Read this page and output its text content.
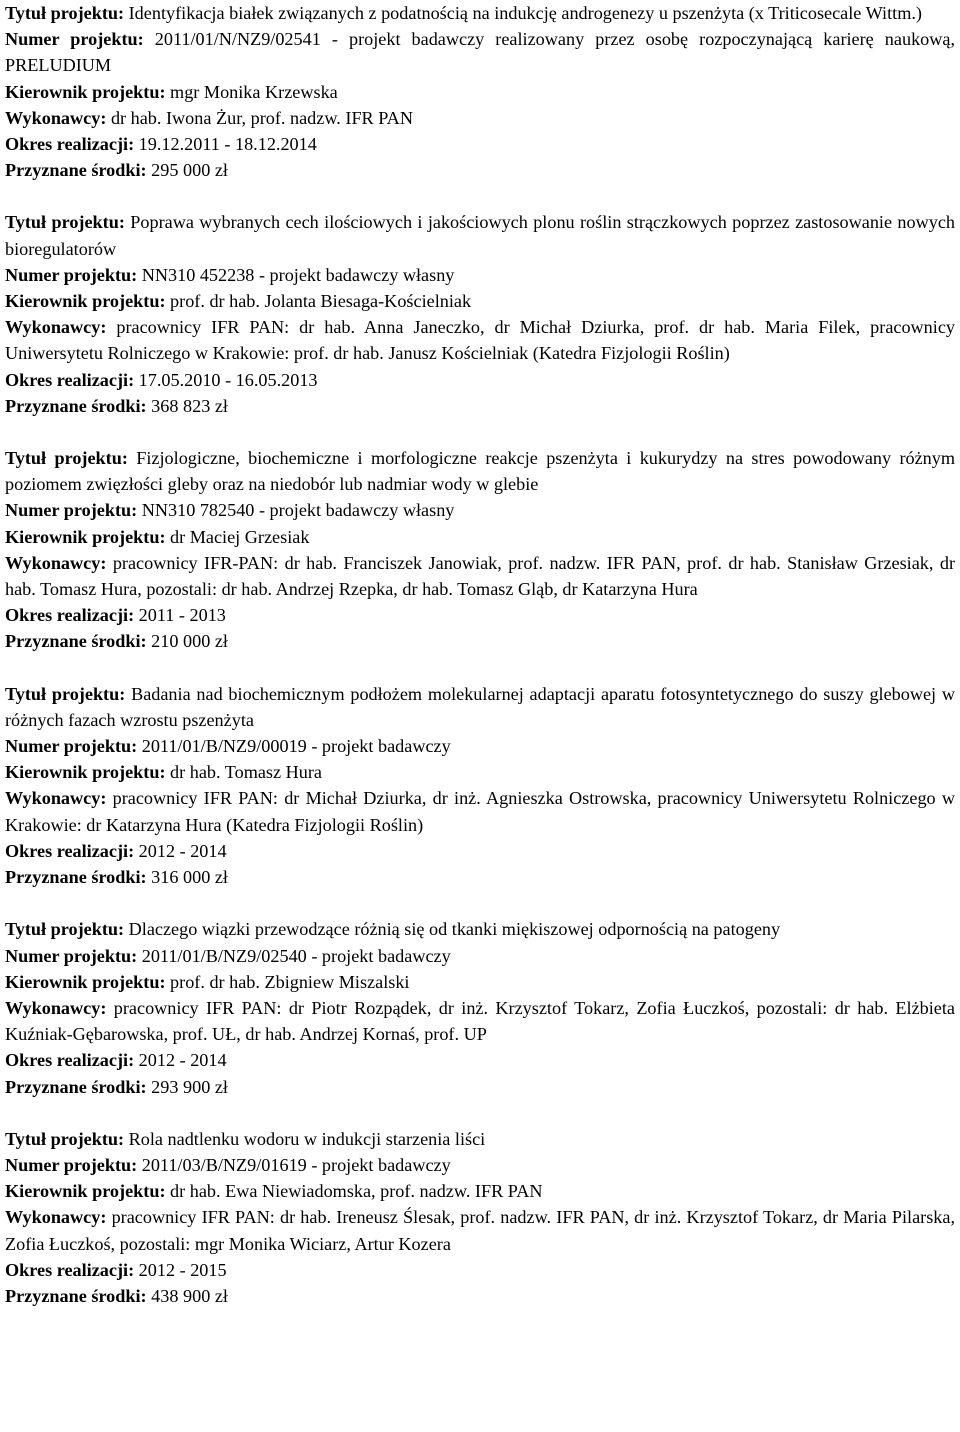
Tytuł projektu: Identyfikacja białek związanych z podatnością na indukcję androgenezy u pszenżyta (x Triticosecale Wittm.)
Numer projektu: 2011/01/N/NZ9/02541 - projekt badawczy realizowany przez osobę rozpoczynającą karierę naukową, PRELUDIUM
Kierownik projektu: mgr Monika Krzewska
Wykonawcy: dr hab. Iwona Żur, prof. nadzw. IFR PAN
Okres realizacji: 19.12.2011 - 18.12.2014
Przyznane środki: 295 000 zł
Tytuł projektu: Poprawa wybranych cech ilościowych i jakościowych plonu roślin strączkowych poprzez zastosowanie nowych bioregulatorów
Numer projektu: NN310 452238 - projekt badawczy własny
Kierownik projektu: prof. dr hab. Jolanta Biesaga-Kościelniak
Wykonawcy: pracownicy IFR PAN: dr hab. Anna Janeczko, dr Michał Dziurka, prof. dr hab. Maria Filek, pracownicy Uniwersytetu Rolniczego w Krakowie: prof. dr hab. Janusz Kościelniak (Katedra Fizjologii Roślin)
Okres realizacji: 17.05.2010 - 16.05.2013
Przyznane środki: 368 823 zł
Tytuł projektu: Fizjologiczne, biochemiczne i morfologiczne reakcje pszenżyta i kukurydzy na stres powodowany różnym poziomem zwięzłości gleby oraz na niedobór lub nadmiar wody w glebie
Numer projektu: NN310 782540 - projekt badawczy własny
Kierownik projektu: dr Maciej Grzesiak
Wykonawcy: pracownicy IFR-PAN: dr hab. Franciszek Janowiak, prof. nadzw. IFR PAN, prof. dr hab. Stanisław Grzesiak, dr hab. Tomasz Hura, pozostali: dr hab. Andrzej Rzepka, dr hab. Tomasz Gląb, dr Katarzyna Hura
Okres realizacji: 2011 - 2013
Przyznane środki: 210 000 zł
Tytuł projektu: Badania nad biochemicznym podłożem molekularnej adaptacji aparatu fotosyntetycznego do suszy glebowej w różnych fazach wzrostu pszenżyta
Numer projektu: 2011/01/B/NZ9/00019 - projekt badawczy
Kierownik projektu: dr hab. Tomasz Hura
Wykonawcy: pracownicy IFR PAN: dr Michał Dziurka, dr inż. Agnieszka Ostrowska, pracownicy Uniwersytetu Rolniczego w Krakowie: dr Katarzyna Hura (Katedra Fizjologii Roślin)
Okres realizacji: 2012 - 2014
Przyznane środki: 316 000 zł
Tytuł projektu: Dlaczego wiązki przewodzące różnią się od tkanki miękiszowej odpornością na patogeny
Numer projektu: 2011/01/B/NZ9/02540 - projekt badawczy
Kierownik projektu: prof. dr hab. Zbigniew Miszalski
Wykonawcy: pracownicy IFR PAN: dr Piotr Rozpądek, dr inż. Krzysztof Tokarz, Zofia Łuczkoś, pozostali: dr hab. Elżbieta Kuźniak-Gębarowska, prof. UŁ, dr hab. Andrzej Kornaś, prof. UP
Okres realizacji: 2012 - 2014
Przyznane środki: 293 900 zł
Tytuł projektu: Rola nadtlenku wodoru w indukcji starzenia liści
Numer projektu: 2011/03/B/NZ9/01619 - projekt badawczy
Kierownik projektu: dr hab. Ewa Niewiadomska, prof. nadzw. IFR PAN
Wykonawcy: pracownicy IFR PAN: dr hab. Ireneusz Ślesak, prof. nadzw. IFR PAN, dr inż. Krzysztof Tokarz, dr Maria Pilarska, Zofia Łuczkoś, pozostali: mgr Monika Wiciarz, Artur Kozera
Okres realizacji: 2012 - 2015
Przyznane środki: 438 900 zł
